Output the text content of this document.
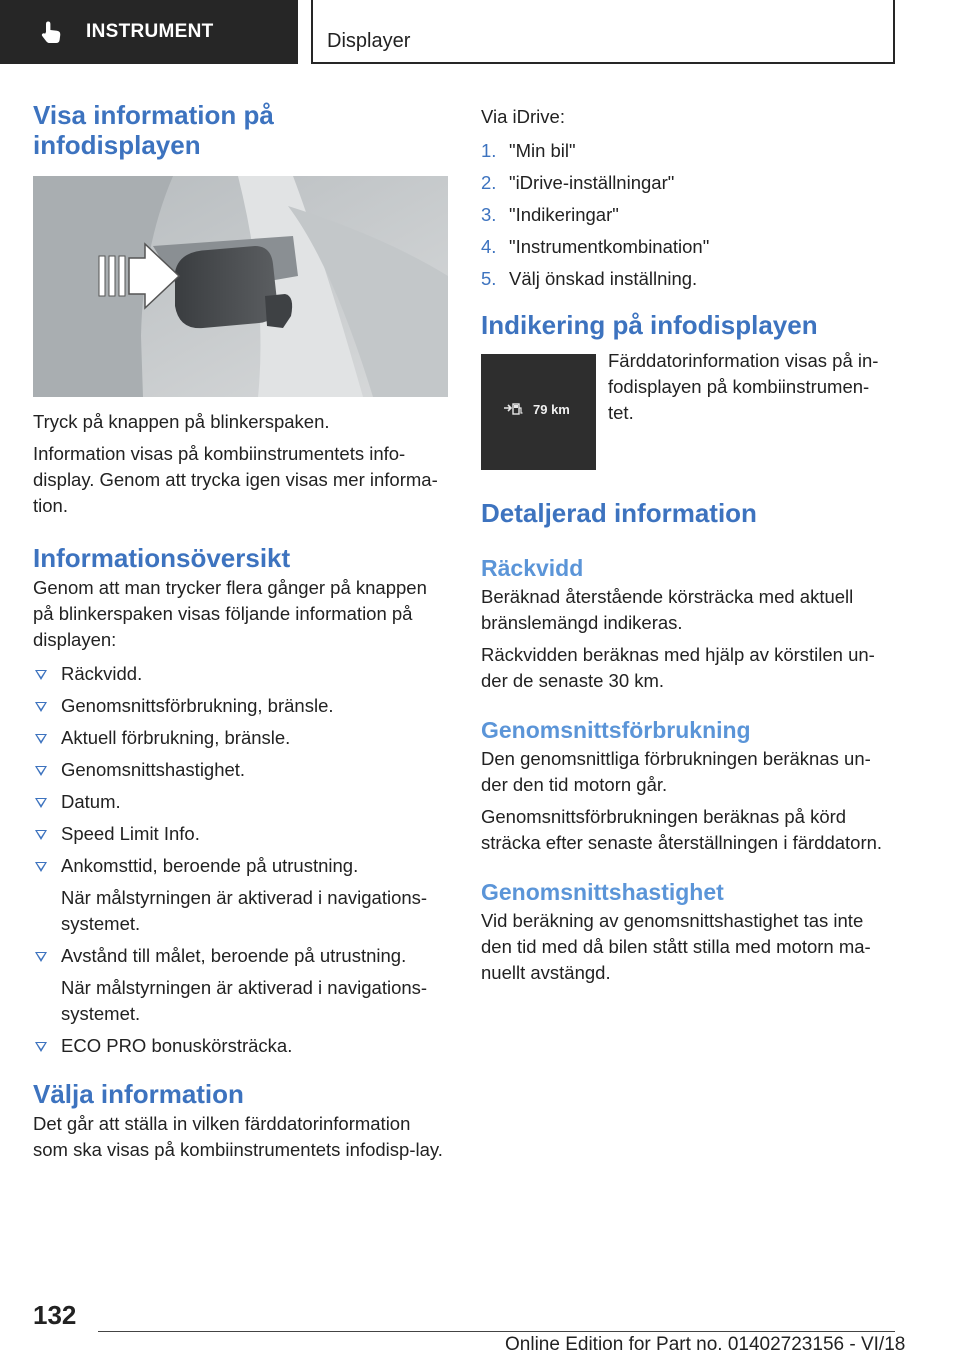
INSTRUMENT	Displayer
Visa information på infodisplayen

Tryck på knappen på blinkerspaken.

Information visas på kombiinstrumentets info-display. Genom att trycka igen visas mer informa-tion.

Informationsöversikt

Genom att man trycker flera gånger på knappen på blinkerspaken visas följande information på displayen:

Räckvidd.
Genomsnittsförbrukning, bränsle.
Aktuell förbrukning, bränsle.
Genomsnittshastighet.
Datum.
Speed Limit Info.
Ankomsttid, beroende på utrustning.
När målstyrningen är aktiverad i navigations-systemet.
Avstånd till målet, beroende på utrustning.
När målstyrningen är aktiverad i navigations-systemet.
ECO PRO bonuskörsträcka.
Välja information

Det går att ställa in vilken färddatorinformation som ska visas på kombiinstrumentets infodisp-lay.

Via iDrive:

1. "Min bil"
2. "iDrive-inställningar"
3. "Indikeringar"
4. "Instrumentkombination"
5. Välj önskad inställning.
Indikering på infodisplayen
79 km

Färddatorinformation visas på in-fodisplayen på kombiinstrumen-tet.

Detaljerad information
Räckvidd

Beräknad återstående körsträcka med aktuell bränslemängd indikeras.

Räckvidden beräknas med hjälp av körstilen un-der de senaste 30 km.

Genomsnittsförbrukning

Den genomsnittliga förbrukningen beräknas un-der den tid motorn går.

Genomsnittsförbrukningen beräknas på körd sträcka efter senaste återställningen i färddatorn.

Genomsnittshastighet

Vid beräkning av genomsnittshastighet tas inte den tid med då bilen stått stilla med motorn ma-nuellt avstängd.

132
Online Edition for Part no. 01402723156 - VI/18
